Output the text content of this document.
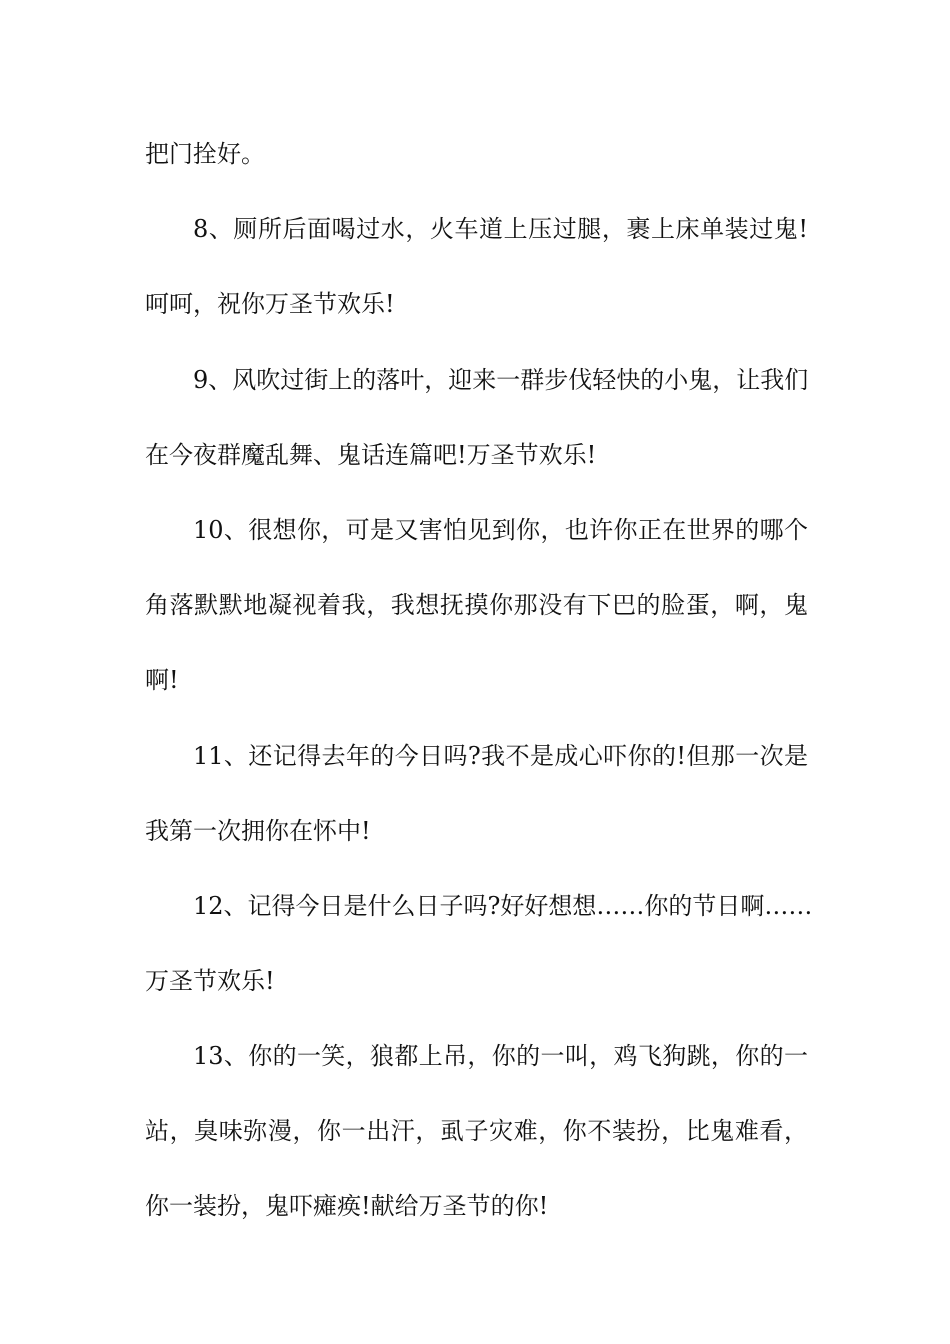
把门拴好。
8、厕所后面喝过水，火车道上压过腿，裹上床单装过鬼!
呵呵，祝你万圣节欢乐!
9、风吹过街上的落叶，迎来一群步伐轻快的小鬼，让我们
在今夜群魔乱舞、鬼话连篇吧!万圣节欢乐!
10、很想你，可是又害怕见到你，也许你正在世界的哪个
角落默默地凝视着我，我想抚摸你那没有下巴的脸蛋，啊，鬼
啊!
11、还记得去年的今日吗?我不是成心吓你的!但那一次是
我第一次拥你在怀中!
12、记得今日是什么日子吗?好好想想……你的节日啊……
万圣节欢乐!
13、你的一笑，狼都上吊，你的一叫，鸡飞狗跳，你的一
站，臭味弥漫，你一出汗，虱子灾难，你不装扮，比鬼难看，
你一装扮，鬼吓瘫痪!献给万圣节的你!
